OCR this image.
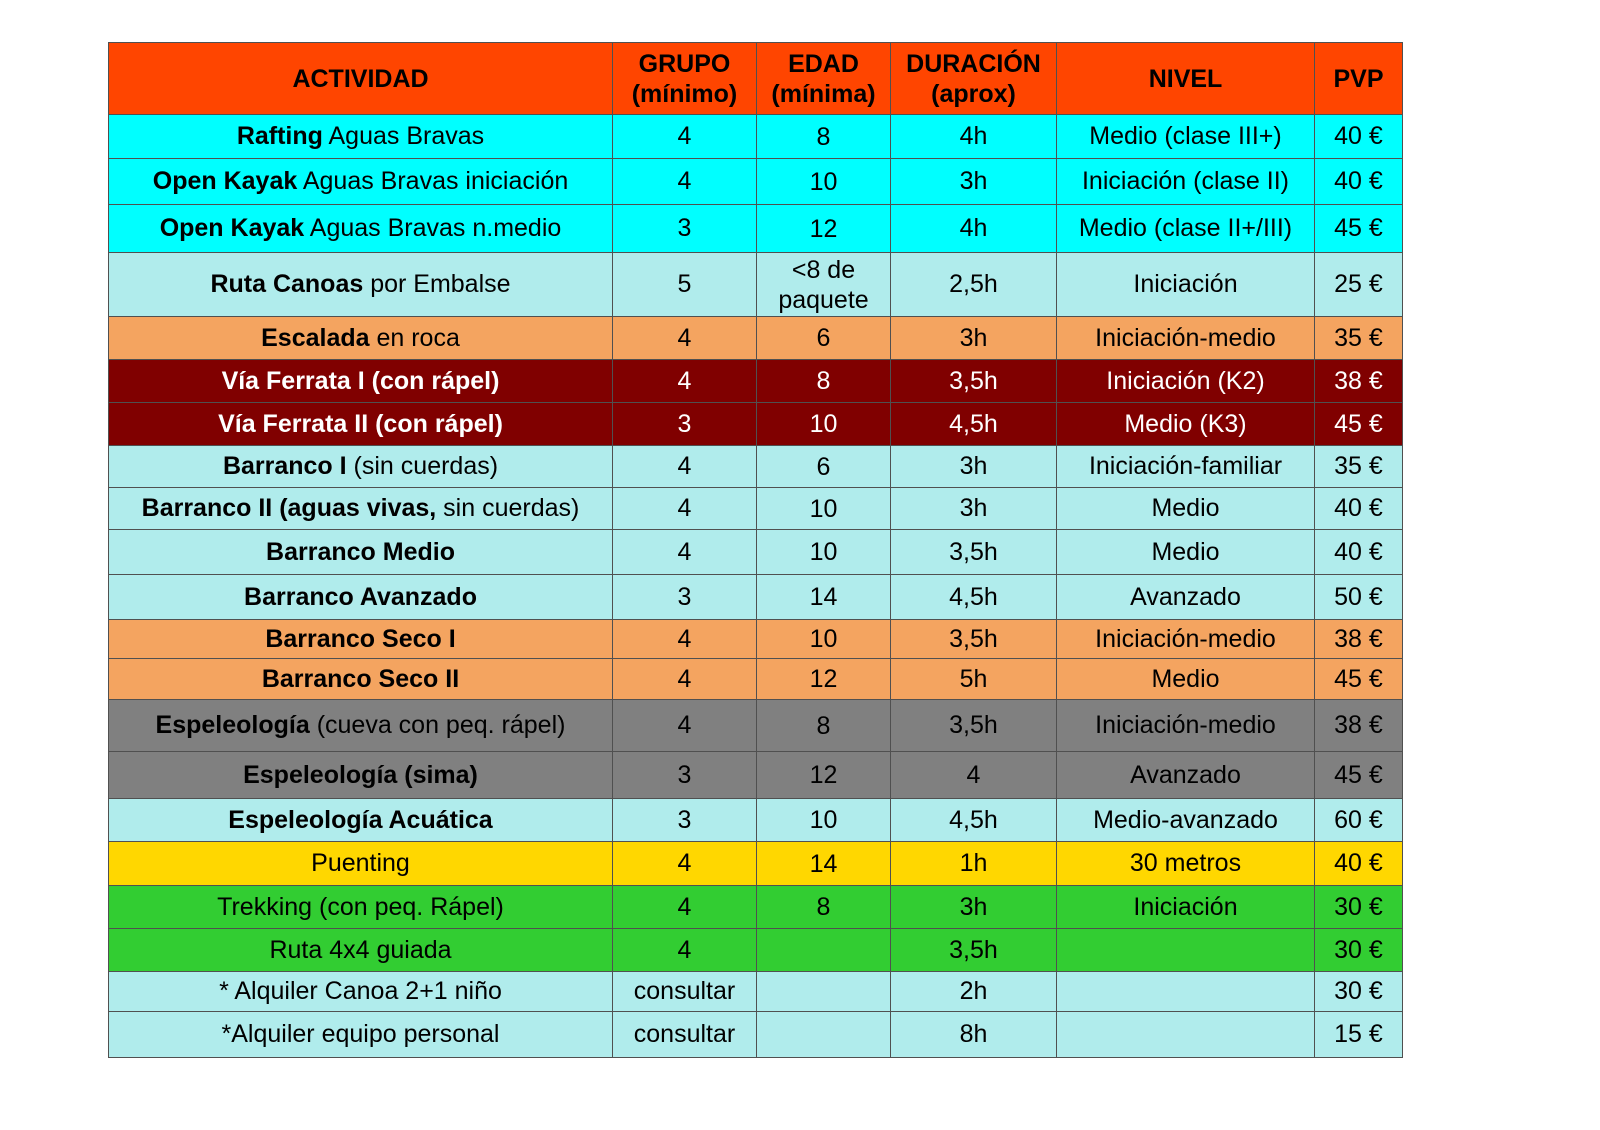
ACTIVIDAD	GRUPO (mínimo)	EDAD (mínima)	DURACIÓN (aprox)	NIVEL	PVP
Rafting Aguas Bravas	4	8	4h	Medio (clase III+)	40 €
Open Kayak Aguas Bravas iniciación	4	10	3h	Iniciación (clase II)	40 €
Open Kayak Aguas Bravas n.medio	3	12	4h	Medio (clase II+/III)	45 €
Ruta Canoas por Embalse	5	<8 de paquete	2,5h	Iniciación	25 €
Escalada en roca	4	6	3h	Iniciación-medio	35 €
Vía Ferrata I (con rápel)	4	8	3,5h	Iniciación (K2)	38 €
Vía Ferrata II (con rápel)	3	10	4,5h	Medio (K3)	45 €
Barranco I (sin cuerdas)	4	6	3h	Iniciación-familiar	35 €
Barranco II (aguas vivas, sin cuerdas)	4	10	3h	Medio	40 €
Barranco Medio	4	10	3,5h	Medio	40 €
Barranco Avanzado	3	14	4,5h	Avanzado	50 €
Barranco Seco I	4	10	3,5h	Iniciación-medio	38 €
Barranco Seco II	4	12	5h	Medio	45 €
Espeleología (cueva con peq. rápel)	4	8	3,5h	Iniciación-medio	38 €
Espeleología (sima)	3	12	4	Avanzado	45 €
Espeleología Acuática	3	10	4,5h	Medio-avanzado	60 €
Puenting	4	14	1h	30 metros	40 €
Trekking (con peq. Rápel)	4	8	3h	Iniciación	30 €
Ruta 4x4 guiada	4		3,5h		30 €
* Alquiler Canoa 2+1 niño	consultar		2h		30 €
*Alquiler equipo personal	consultar		8h		15 €
